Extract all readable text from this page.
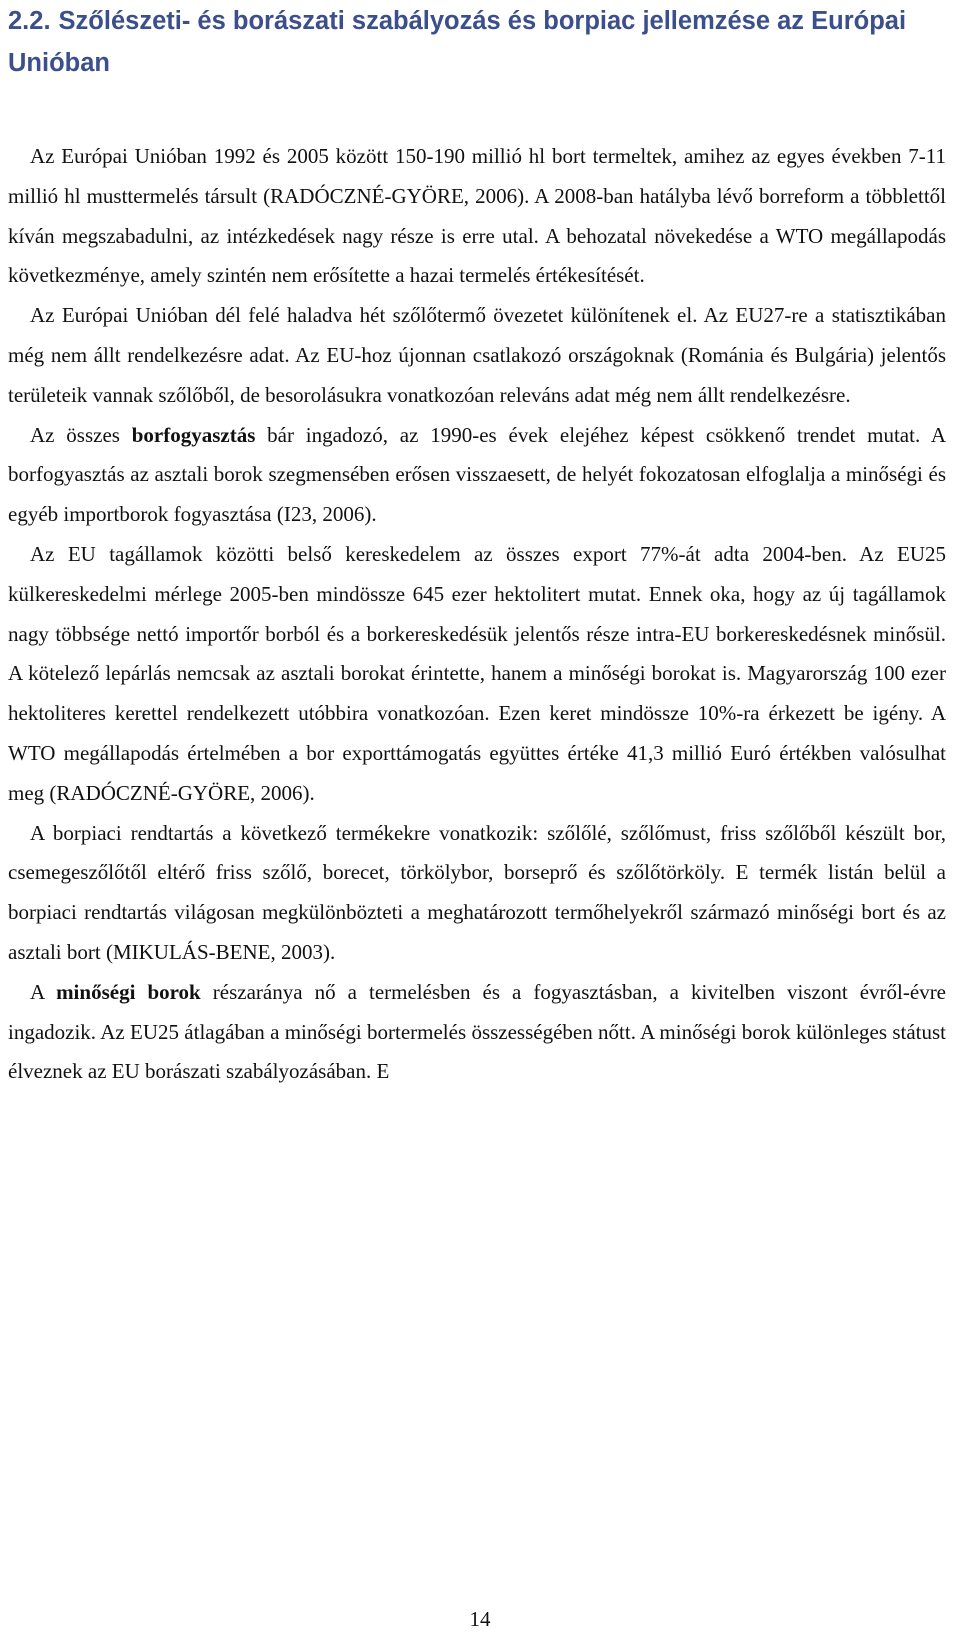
2.2. Szőlészeti- és borászati szabályozás és borpiac jellemzése az Európai Unióban

Az Európai Unióban 1992 és 2005 között 150-190 millió hl bort termeltek, amihez az egyes években 7-11 millió hl musttermelés társult (RADÓCZNÉ-GYÖRE, 2006). A 2008-ban hatályba lévő borreform a többlettől kíván megszabadulni, az intézkedések nagy része is erre utal. A behozatal növekedése a WTO megállapodás következménye, amely szintén nem erősítette a hazai termelés értékesítését.

Az Európai Unióban dél felé haladva hét szőlőtermő övezetet különítenek el. Az EU27-re a statisztikában még nem állt rendelkezésre adat. Az EU-hoz újonnan csatlakozó országoknak (Románia és Bulgária) jelentős területeik vannak szőlőből, de besorolásukra vonatkozóan releváns adat még nem állt rendelkezésre.

Az összes borfogyasztás bár ingadozó, az 1990-es évek elejéhez képest csökkenő trendet mutat. A borfogyasztás az asztali borok szegmensében erősen visszaesett, de helyét fokozatosan elfoglalja a minőségi és egyéb importborok fogyasztása (I23, 2006).

Az EU tagállamok közötti belső kereskedelem az összes export 77%-át adta 2004-ben. Az EU25 külkereskedelmi mérlege 2005-ben mindössze 645 ezer hektolitert mutat. Ennek oka, hogy az új tagállamok nagy többsége nettó importőr borból és a borkereskedésük jelentős része intra-EU borkereskedésnek minősül. A kötelező lepárlás nemcsak az asztali borokat érintette, hanem a minőségi borokat is. Magyarország 100 ezer hektoliteres kerettel rendelkezett utóbbira vonatkozóan. Ezen keret mindössze 10%-ra érkezett be igény. A WTO megállapodás értelmében a bor exporttámogatás együttes értéke 41,3 millió Euró értékben valósulhat meg (RADÓCZNÉ-GYÖRE, 2006).

A borpiaci rendtartás a következő termékekre vonatkozik: szőlőlé, szőlőmust, friss szőlőből készült bor, csemegeszőlőtől eltérő friss szőlő, borecet, törkölybor, borseprő és szőlőtörköly. E termék listán belül a borpiaci rendtartás világosan megkülönbözteti a meghatározott termőhelyekről származó minőségi bort és az asztali bort (MIKULÁS-BENE, 2003).

A minőségi borok részaránya nő a termelésben és a fogyasztásban, a kivitelben viszont évről-évre ingadozik. Az EU25 átlagában a minőségi bortermelés összességében nőtt. A minőségi borok különleges státust élveznek az EU borászati szabályozásában. E

14
